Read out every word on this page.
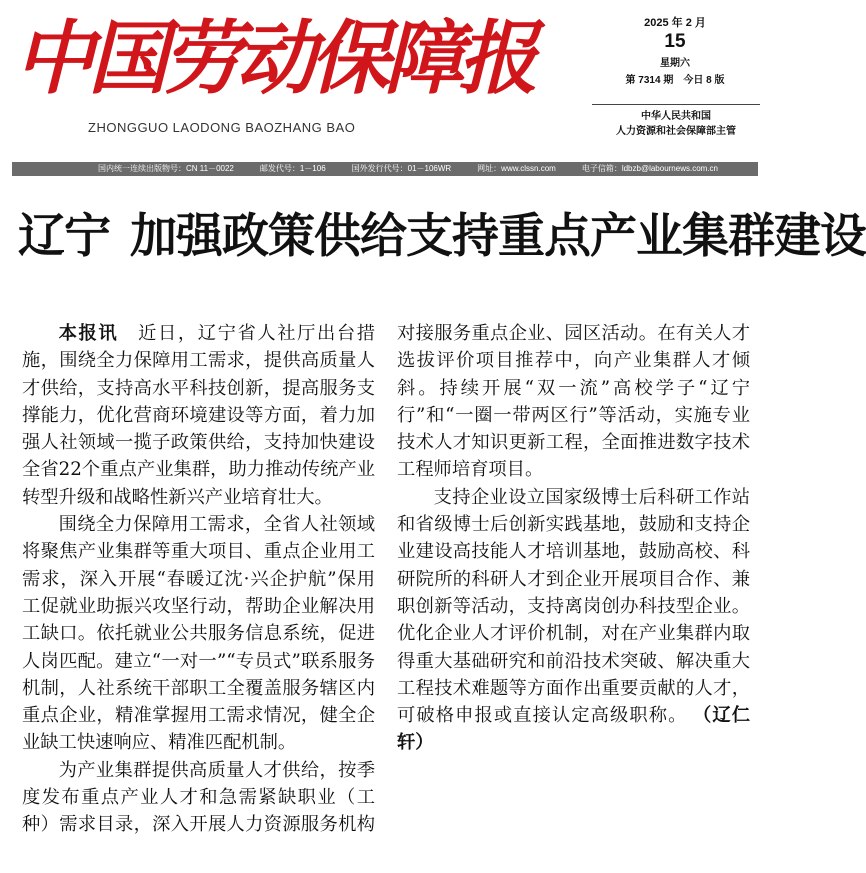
中国劳动保障报
ZHONGGUO LAODONG BAOZHANG BAO
2025 年 2 月
15
星期六
第 7314 期 今日 8 版
中华人民共和国
人力资源和社会保障部主管
国内统一连续出版物号：CN 11－0022	邮发代号：1－106	国外发行代号：01－106WR	网址：www.clssn.com	电子信箱：ldbzb@labournews.com.cn
辽宁 加强政策供给支持重点产业集群建设

本报讯  近日，辽宁省人社厅出台措施，围绕全力保障用工需求，提供高质量人才供给，支持高水平科技创新，提高服务支撑能力，优化营商环境建设等方面，着力加强人社领域一揽子政策供给，支持加快建设全省22个重点产业集群，助力推动传统产业转型升级和战略性新兴产业培育壮大。

围绕全力保障用工需求，全省人社领域将聚焦产业集群等重大项目、重点企业用工需求，深入开展“春暖辽沈·兴企护航”保用工促就业助振兴攻坚行动，帮助企业解决用工缺口。依托就业公共服务信息系统，促进人岗匹配。建立“一对一”“专员式”联系服务机制，人社系统干部职工全覆盖服务辖区内重点企业，精准掌握用工需求情况，健全企业缺工快速响应、精准匹配机制。

为产业集群提供高质量人才供给，按季度发布重点产业人才和急需紧缺职业（工种）需求目录，深入开展人力资源服务机构对接服务重点企业、园区活动。在有关人才选拔评价项目推荐中，向产业集群人才倾斜。持续开展“双一流”高校学子“辽宁行”和“一圈一带两区行”等活动，实施专业技术人才知识更新工程，全面推进数字技术工程师培育项目。

支持企业设立国家级博士后科研工作站和省级博士后创新实践基地，鼓励和支持企业建设高技能人才培训基地，鼓励高校、科研院所的科研人才到企业开展项目合作、兼职创新等活动，支持离岗创办科技型企业。优化企业人才评价机制，对在产业集群内取得重大基础研究和前沿技术突破、解决重大工程技术难题等方面作出重要贡献的人才，可破格申报或直接认定高级职称。 （辽仁轩）
